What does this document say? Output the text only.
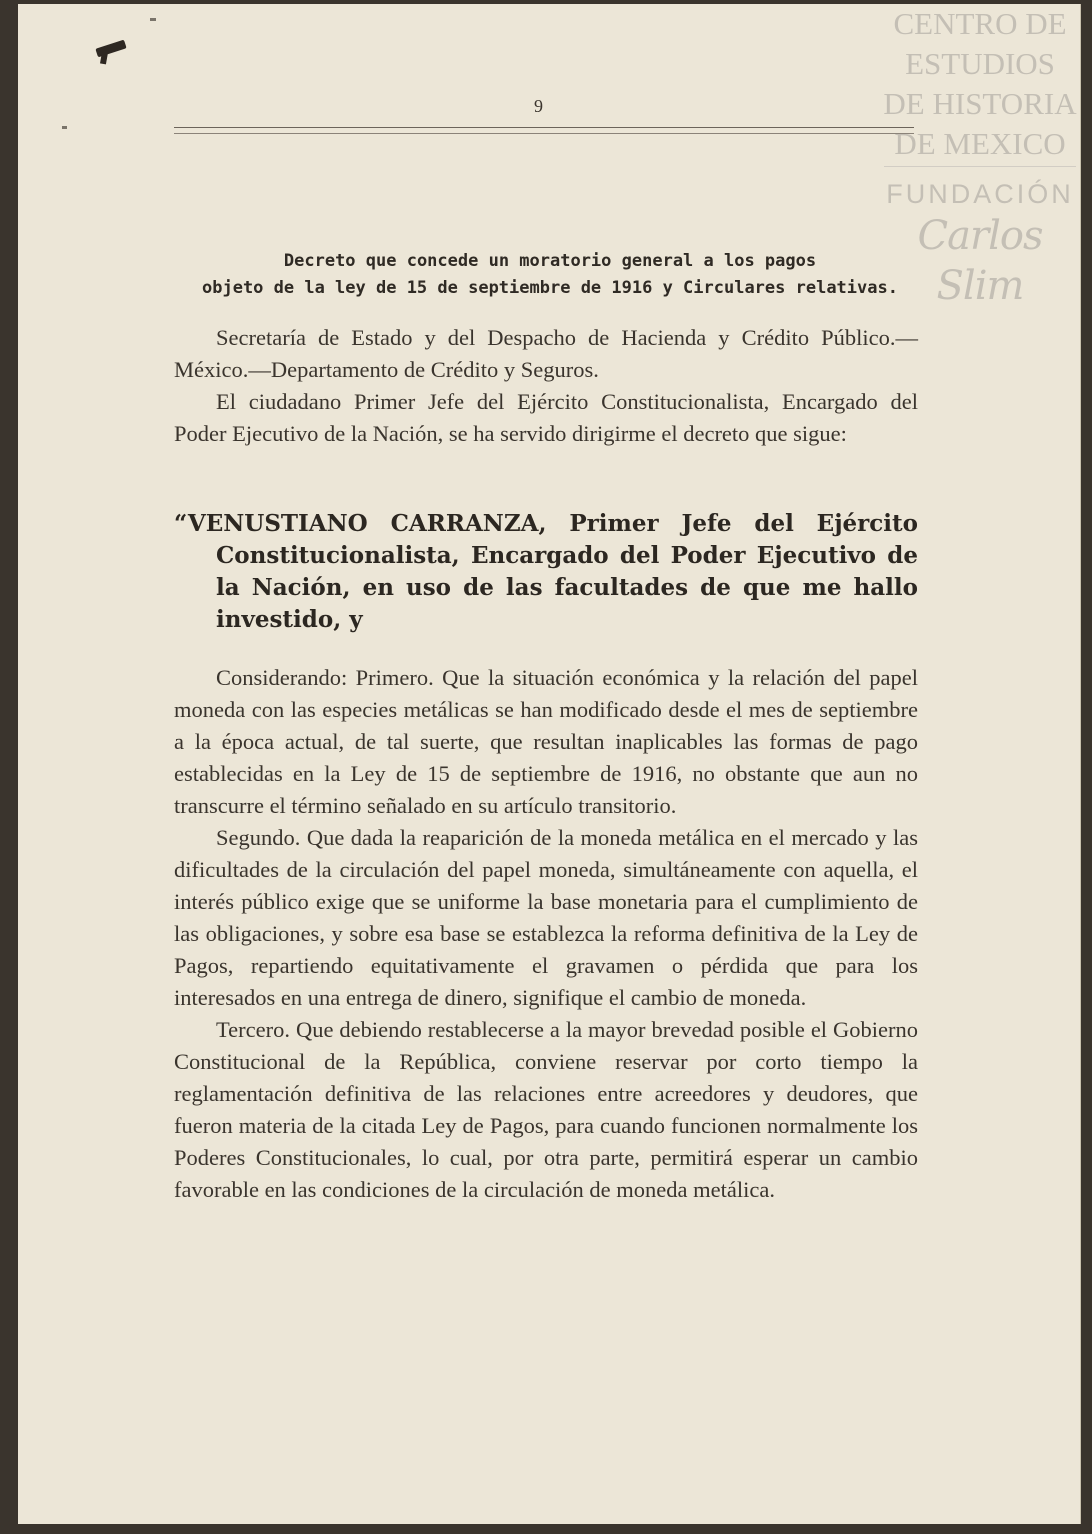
CENTRO DE
ESTUDIOS
DE HISTORIA
DE MEXICO
FUNDACIÓN
Carlos Slim
9
Decreto que concede un moratorio general a los pagos
objeto de la ley de 15 de septiembre de 1916 y Circulares relativas.

Secretaría de Estado y del Despacho de Hacienda y Crédito Público.—México.—Departamento de Crédito y Seguros.

El ciudadano Primer Jefe del Ejército Constitucionalista, Encargado del Poder Ejecutivo de la Nación, se ha servido dirigirme el decreto que sigue:

“VENUSTIANO CARRANZA, Primer Jefe del Ejército Constitucionalista, Encargado del Poder Ejecutivo de la Nación, en uso de las facultades de que me hallo investido, y

Considerando: Primero. Que la situación económica y la relación del papel moneda con las especies metálicas se han modificado desde el mes de septiembre a la época actual, de tal suerte, que resultan inaplicables las formas de pago establecidas en la Ley de 15 de septiembre de 1916, no obstante que aun no transcurre el término señalado en su artículo transitorio.

Segundo. Que dada la reaparición de la moneda metálica en el mercado y las dificultades de la circulación del papel moneda, simultáneamente con aquella, el interés público exige que se uniforme la base monetaria para el cumplimiento de las obligaciones, y sobre esa base se establezca la reforma definitiva de la Ley de Pagos, repartiendo equitativamente el gravamen o pérdida que para los interesados en una entrega de dinero, signifique el cambio de moneda.

Tercero. Que debiendo restablecerse a la mayor brevedad posible el Gobierno Constitucional de la República, conviene reservar por corto tiempo la reglamentación definitiva de las relaciones entre acreedores y deudores, que fueron materia de la citada Ley de Pagos, para cuando funcionen normalmente los Poderes Constitucionales, lo cual, por otra parte, permitirá esperar un cambio favorable en las condiciones de la circulación de moneda metálica.
